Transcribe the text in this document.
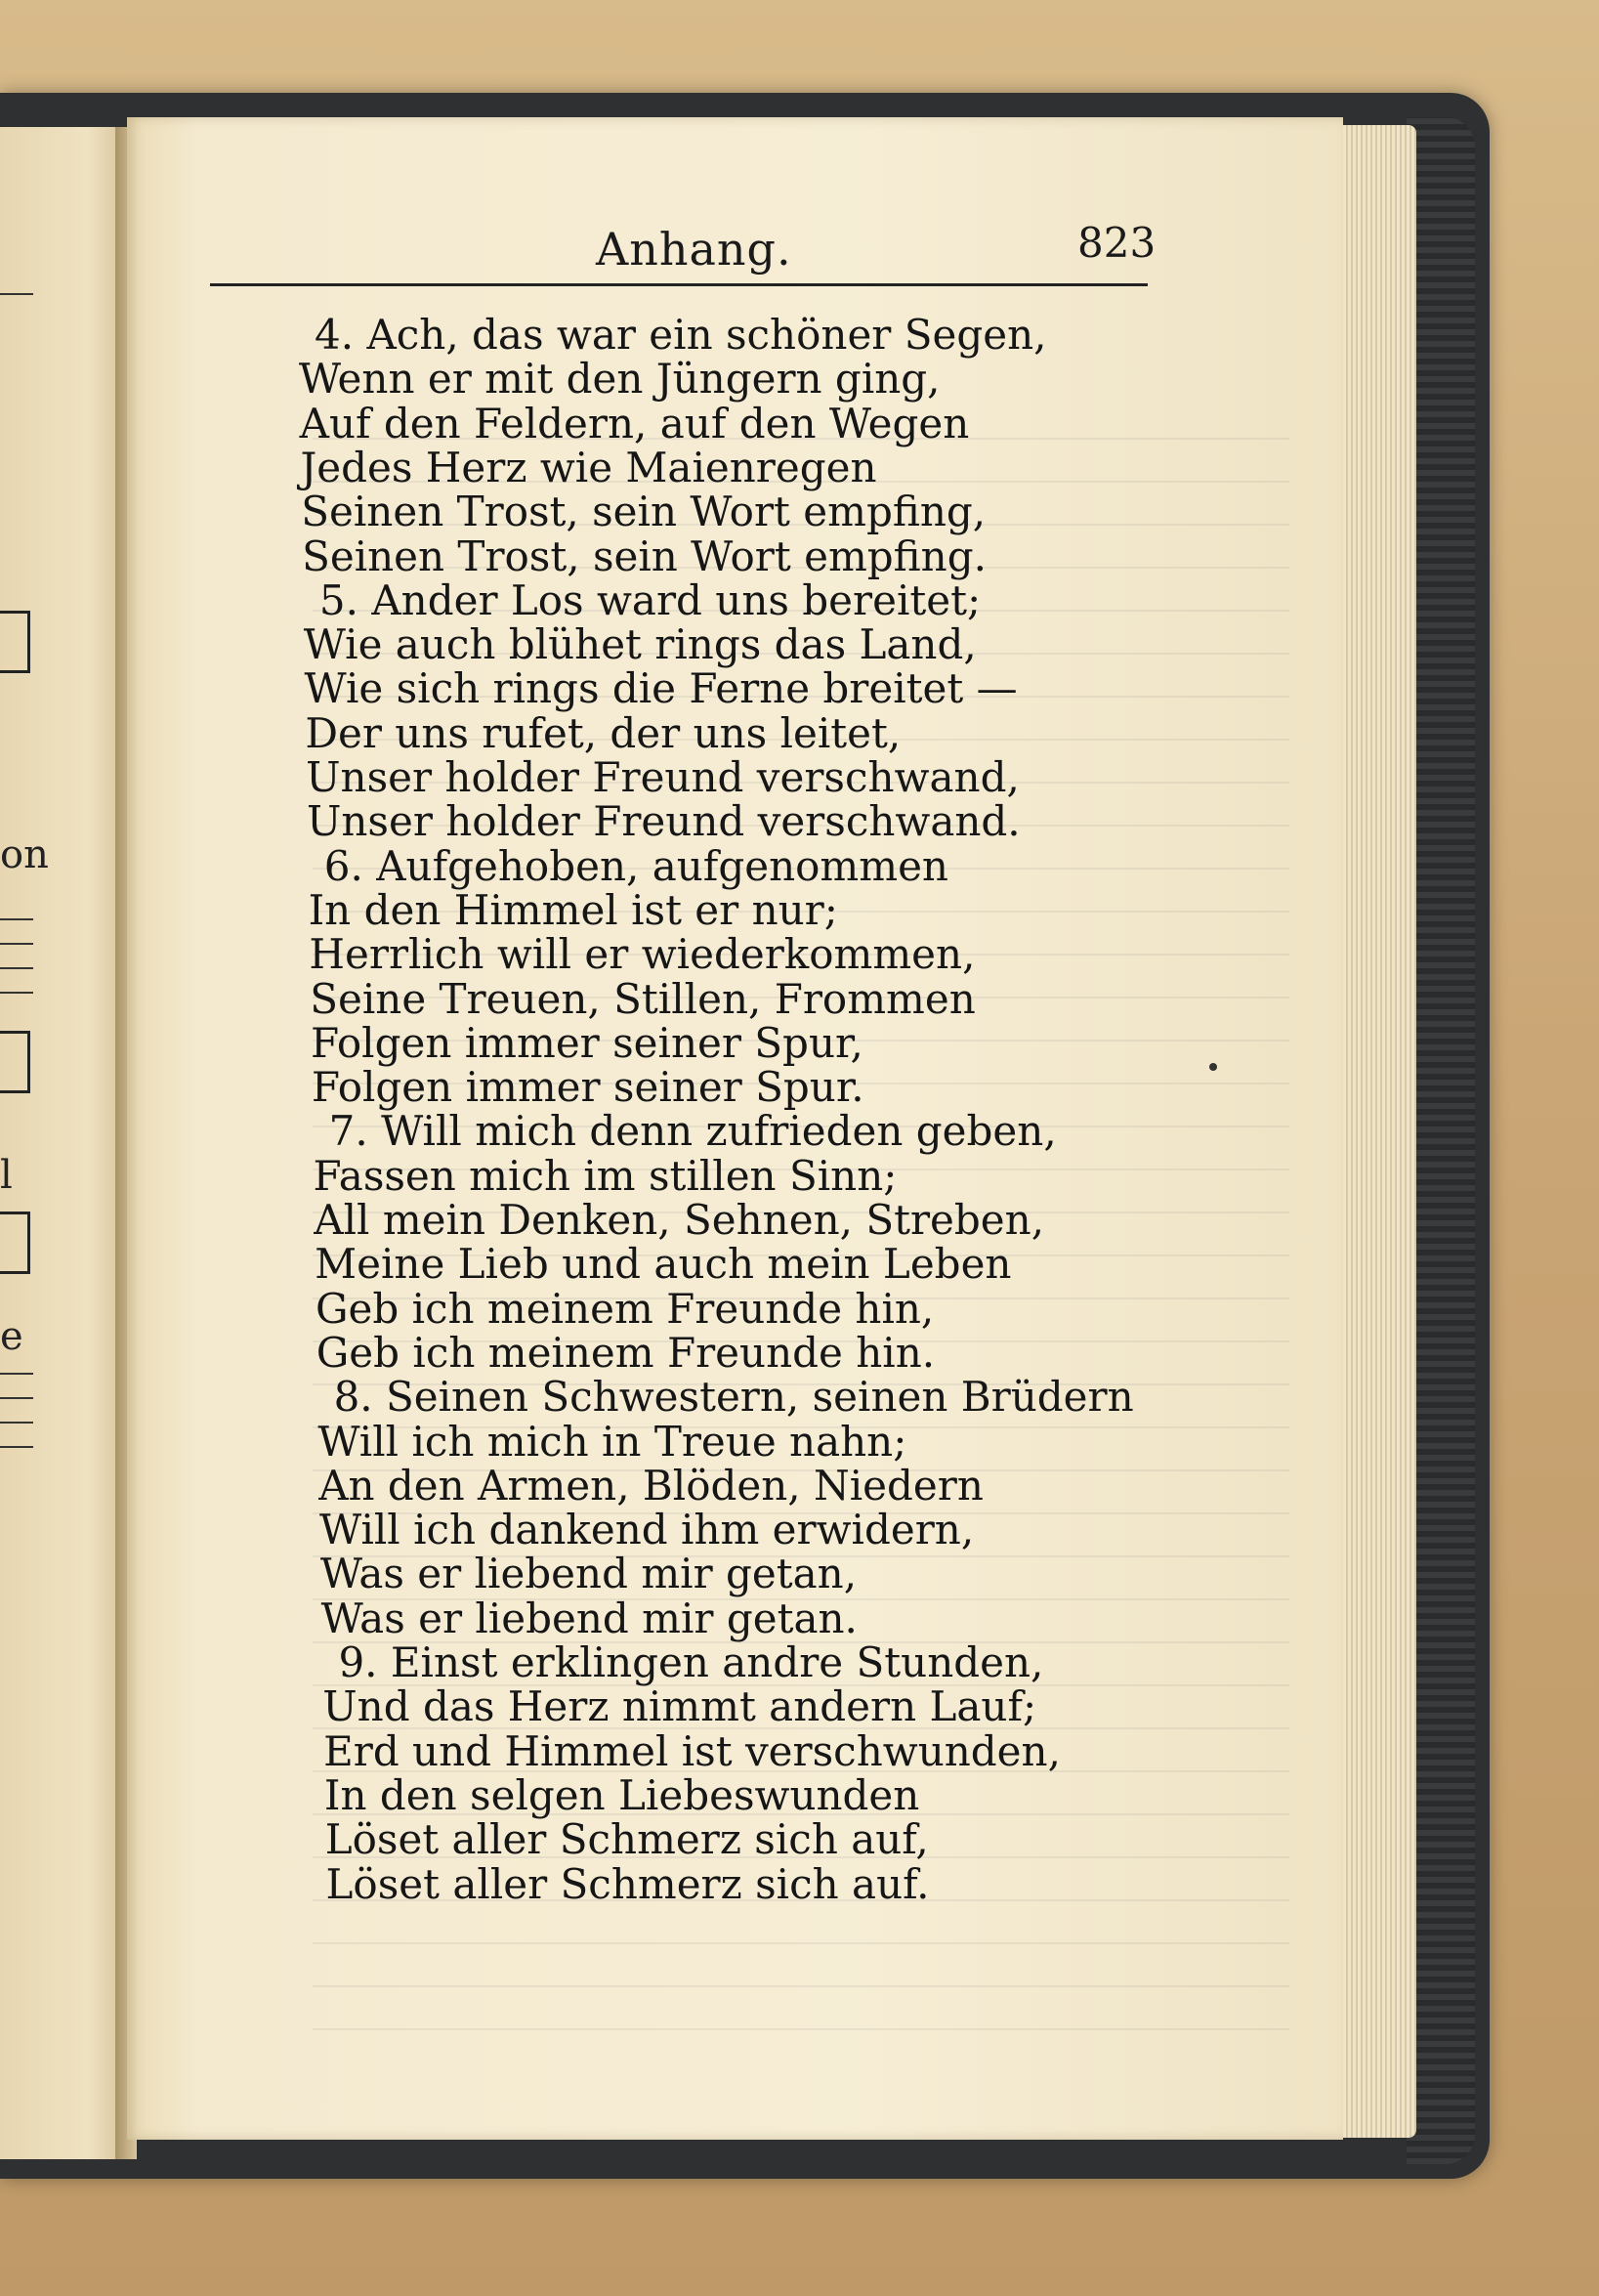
on
l
e
Anhang.	823
4. Ach, das war ein schöner Segen,
Wenn er mit den Jüngern ging,
Auf den Feldern, auf den Wegen
Jedes Herz wie Maienregen
Seinen Trost, sein Wort empfing,
Seinen Trost, sein Wort empfing.
5. Ander Los ward uns bereitet;
Wie auch blühet rings das Land,
Wie sich rings die Ferne breitet —
Der uns rufet, der uns leitet,
Unser holder Freund verschwand,
Unser holder Freund verschwand.
6. Aufgehoben, aufgenommen
In den Himmel ist er nur;
Herrlich will er wiederkommen,
Seine Treuen, Stillen, Frommen
Folgen immer seiner Spur,
Folgen immer seiner Spur.
7. Will mich denn zufrieden geben,
Fassen mich im stillen Sinn;
All mein Denken, Sehnen, Streben,
Meine Lieb und auch mein Leben
Geb ich meinem Freunde hin,
Geb ich meinem Freunde hin.
8. Seinen Schwestern, seinen Brüdern
Will ich mich in Treue nahn;
An den Armen, Blöden, Niedern
Will ich dankend ihm erwidern,
Was er liebend mir getan,
Was er liebend mir getan.
9. Einst erklingen andre Stunden,
Und das Herz nimmt andern Lauf;
Erd und Himmel ist verschwunden,
In den selgen Liebeswunden
Löset aller Schmerz sich auf,
Löset aller Schmerz sich auf.
